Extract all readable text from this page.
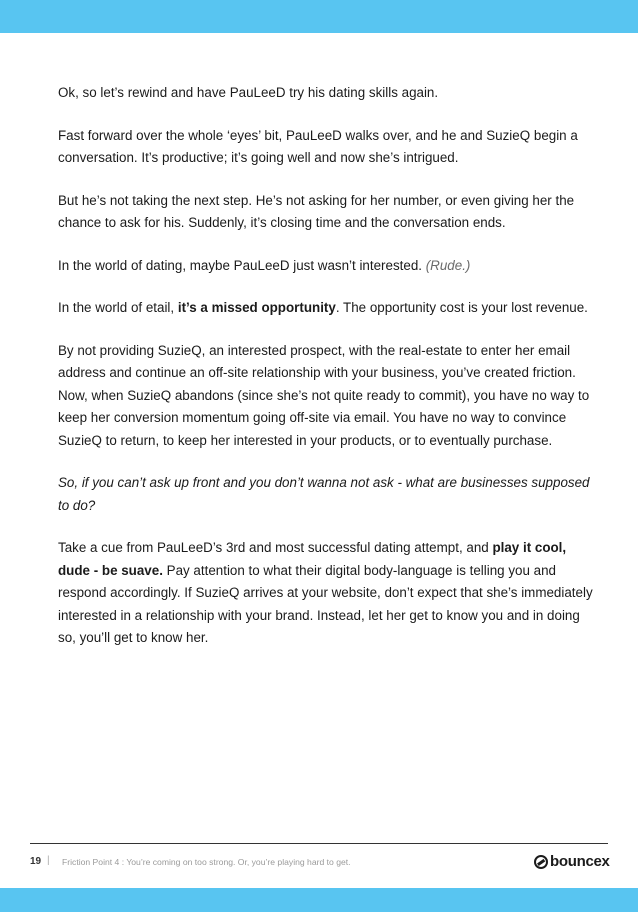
Ok, so let’s rewind and have PauLeeD try his dating skills again.

Fast forward over the whole ‘eyes’ bit, PauLeeD walks over, and he and SuzieQ begin a conversation. It’s productive; it’s going well and now she’s intrigued.

But he’s not taking the next step. He’s not asking for her number, or even giving her the chance to ask for his. Suddenly, it’s closing time and the conversation ends.

In the world of dating, maybe PauLeeD just wasn’t interested. (Rude.)

In the world of etail, it’s a missed opportunity. The opportunity cost is your lost revenue.

By not providing SuzieQ, an interested prospect, with the real-estate to enter her email address and continue an off-site relationship with your business, you’ve created friction. Now, when SuzieQ abandons (since she’s not quite ready to commit), you have no way to keep her conversion momentum going off-site via email. You have no way to convince SuzieQ to return, to keep her interested in your products, or to eventually purchase.

So, if you can’t ask up front and you don’t wanna not ask - what are businesses supposed to do?

Take a cue from PauLeeD’s 3rd and most successful dating attempt, and play it cool, dude - be suave. Pay attention to what their digital body-language is telling you and respond accordingly. If SuzieQ arrives at your website, don’t expect that she’s immediately interested in a relationship with your brand. Instead, let her get to know you and in doing so, you’ll get to know her.

19 | Friction Point 4 : You’re coming on too strong. Or, you’re playing hard to get.	bouncex
